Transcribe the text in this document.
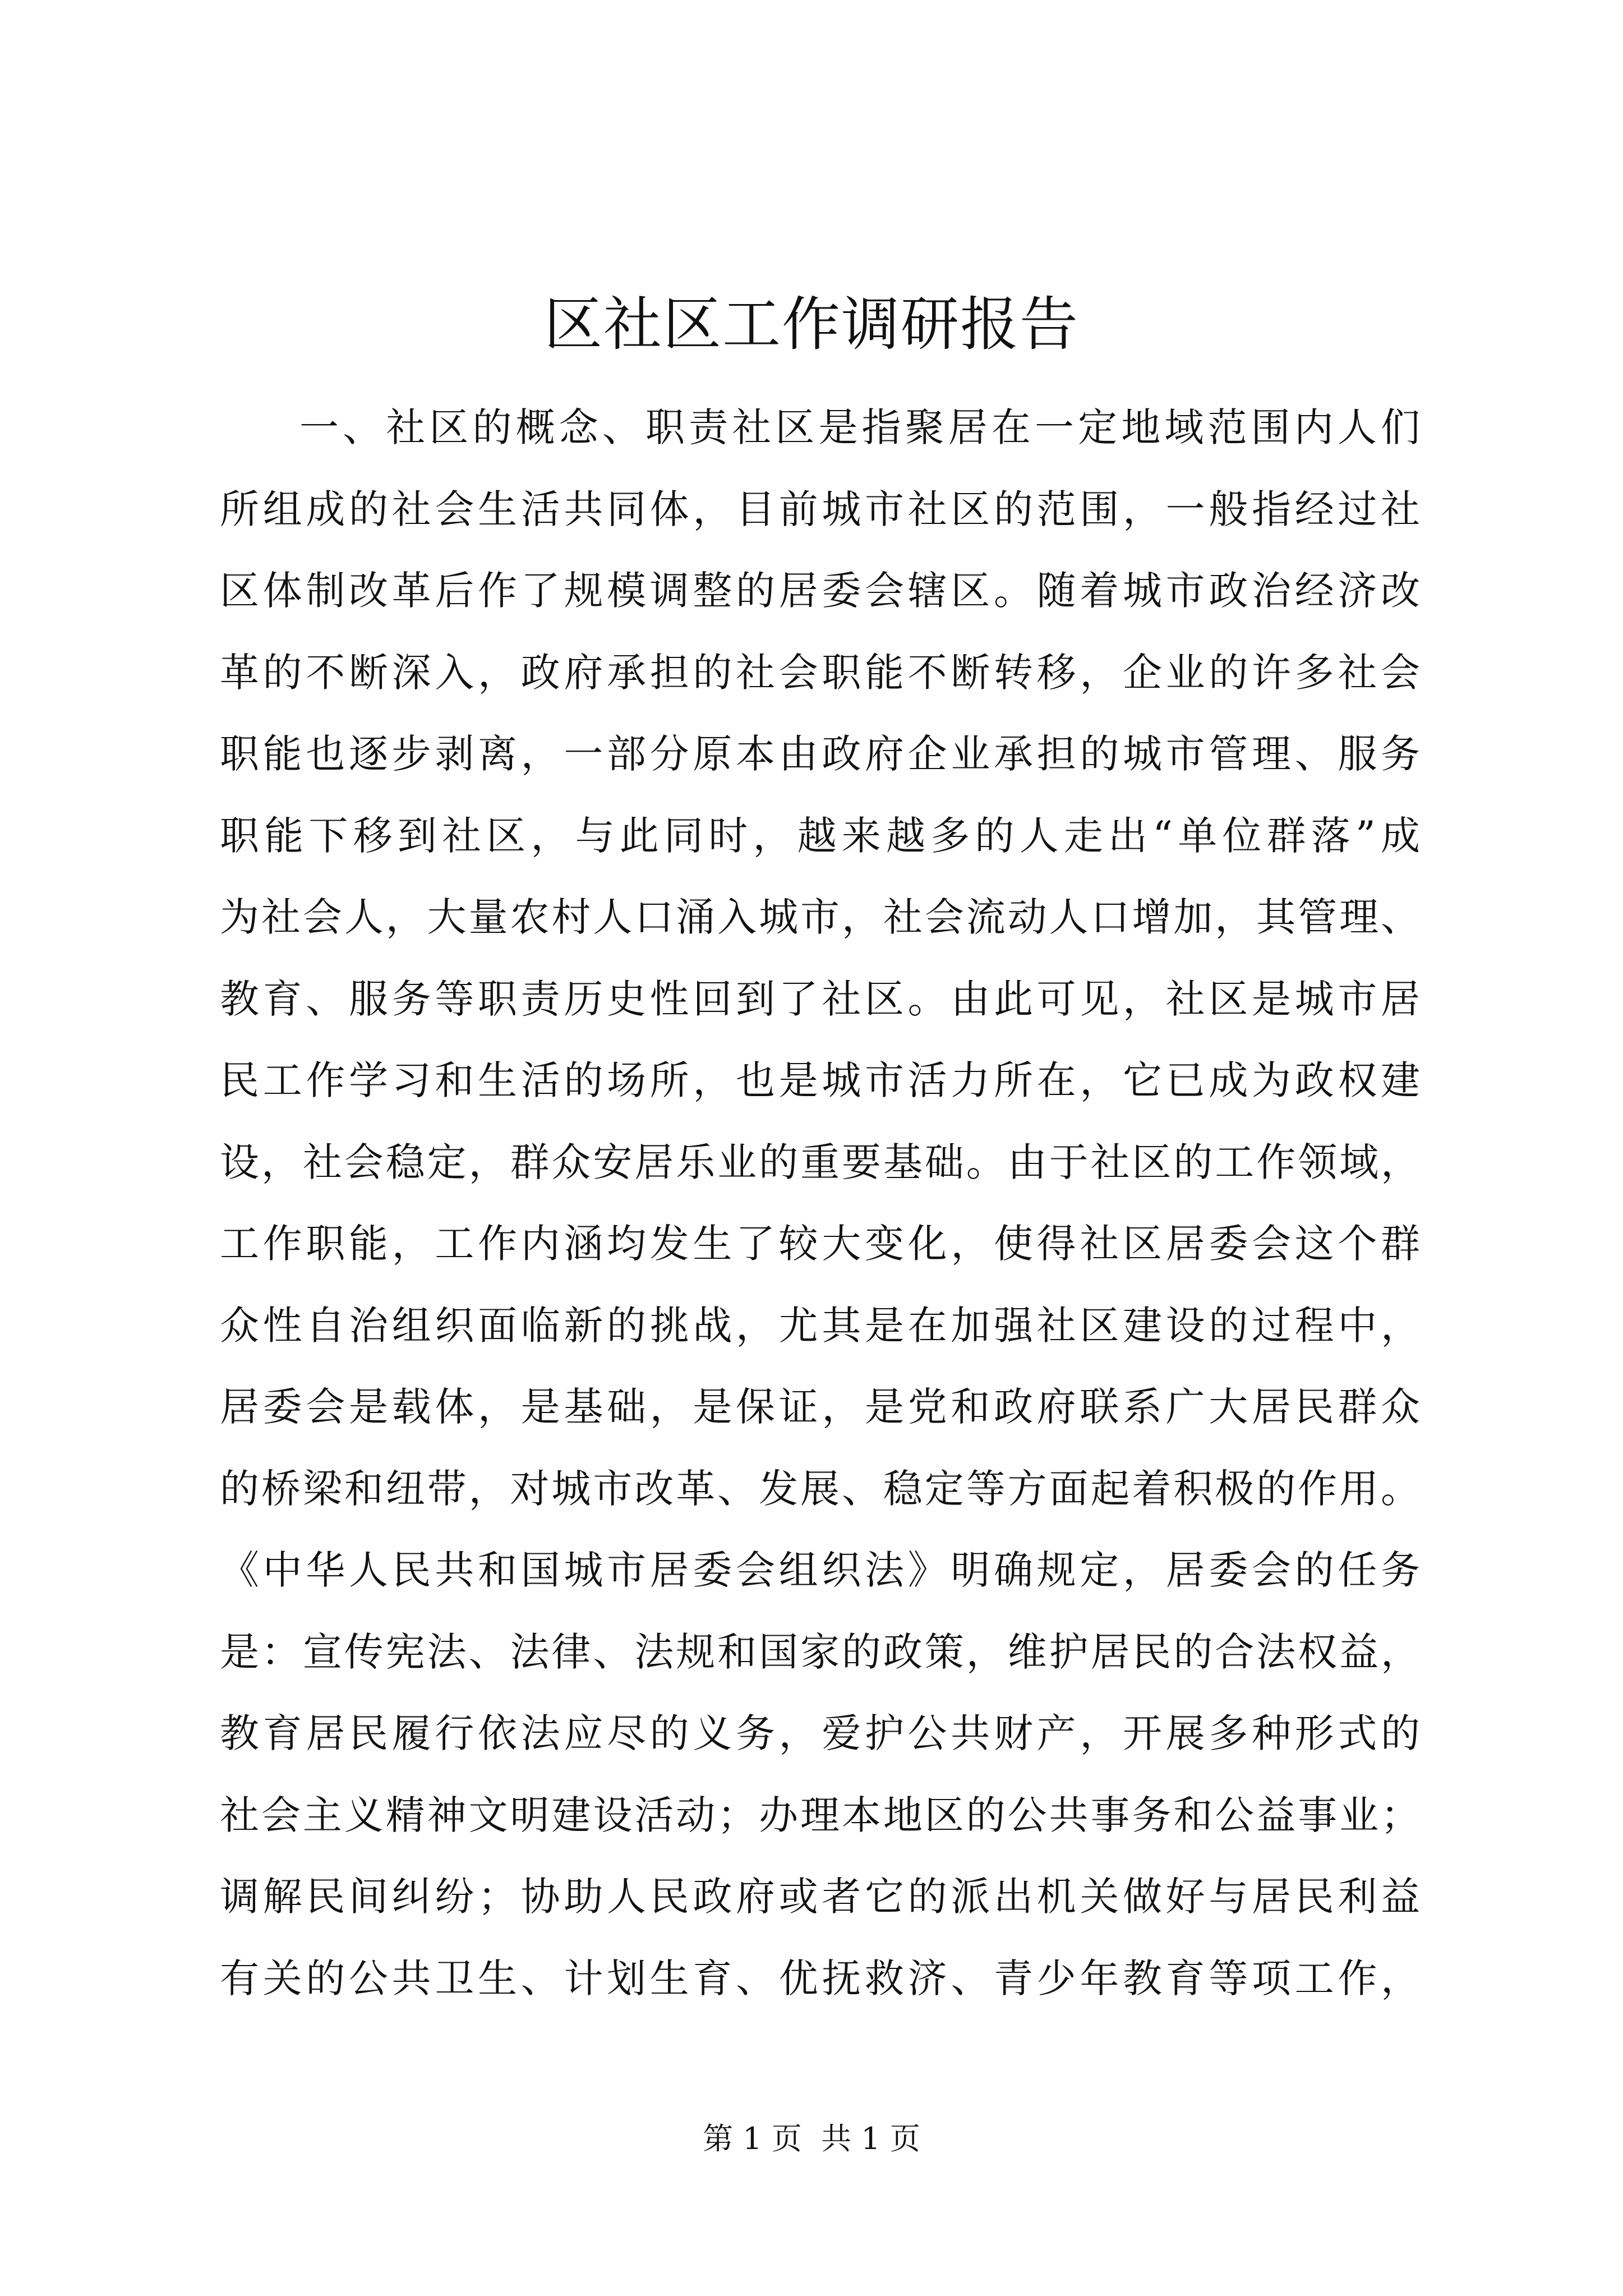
区社区工作调研报告
一、社区的概念、职责社区是指聚居在一定地域范围内人们
所组成的社会生活共同体，目前城市社区的范围，一般指经过社
区体制改革后作了规模调整的居委会辖区。随着城市政治经济改
革的不断深入，政府承担的社会职能不断转移，企业的许多社会
职能也逐步剥离，一部分原本由政府企业承担的城市管理、服务
职能下移到社区，与此同时，越来越多的人走出“单位群落”成
为社会人，大量农村人口涌入城市，社会流动人口增加，其管理、
教育、服务等职责历史性回到了社区。由此可见，社区是城市居
民工作学习和生活的场所，也是城市活力所在，它已成为政权建
设，社会稳定，群众安居乐业的重要基础。由于社区的工作领域，
工作职能，工作内涵均发生了较大变化，使得社区居委会这个群
众性自治组织面临新的挑战，尤其是在加强社区建设的过程中，
居委会是载体，是基础，是保证，是党和政府联系广大居民群众
的桥梁和纽带，对城市改革、发展、稳定等方面起着积极的作用。
《中华人民共和国城市居委会组织法》明确规定，居委会的任务
是：宣传宪法、法律、法规和国家的政策，维护居民的合法权益，
教育居民履行依法应尽的义务，爱护公共财产，开展多种形式的
社会主义精神文明建设活动；办理本地区的公共事务和公益事业；
调解民间纠纷；协助人民政府或者它的派出机关做好与居民利益
有关的公共卫生、计划生育、优抚救济、青少年教育等项工作，
第 1 页  共 1 页
